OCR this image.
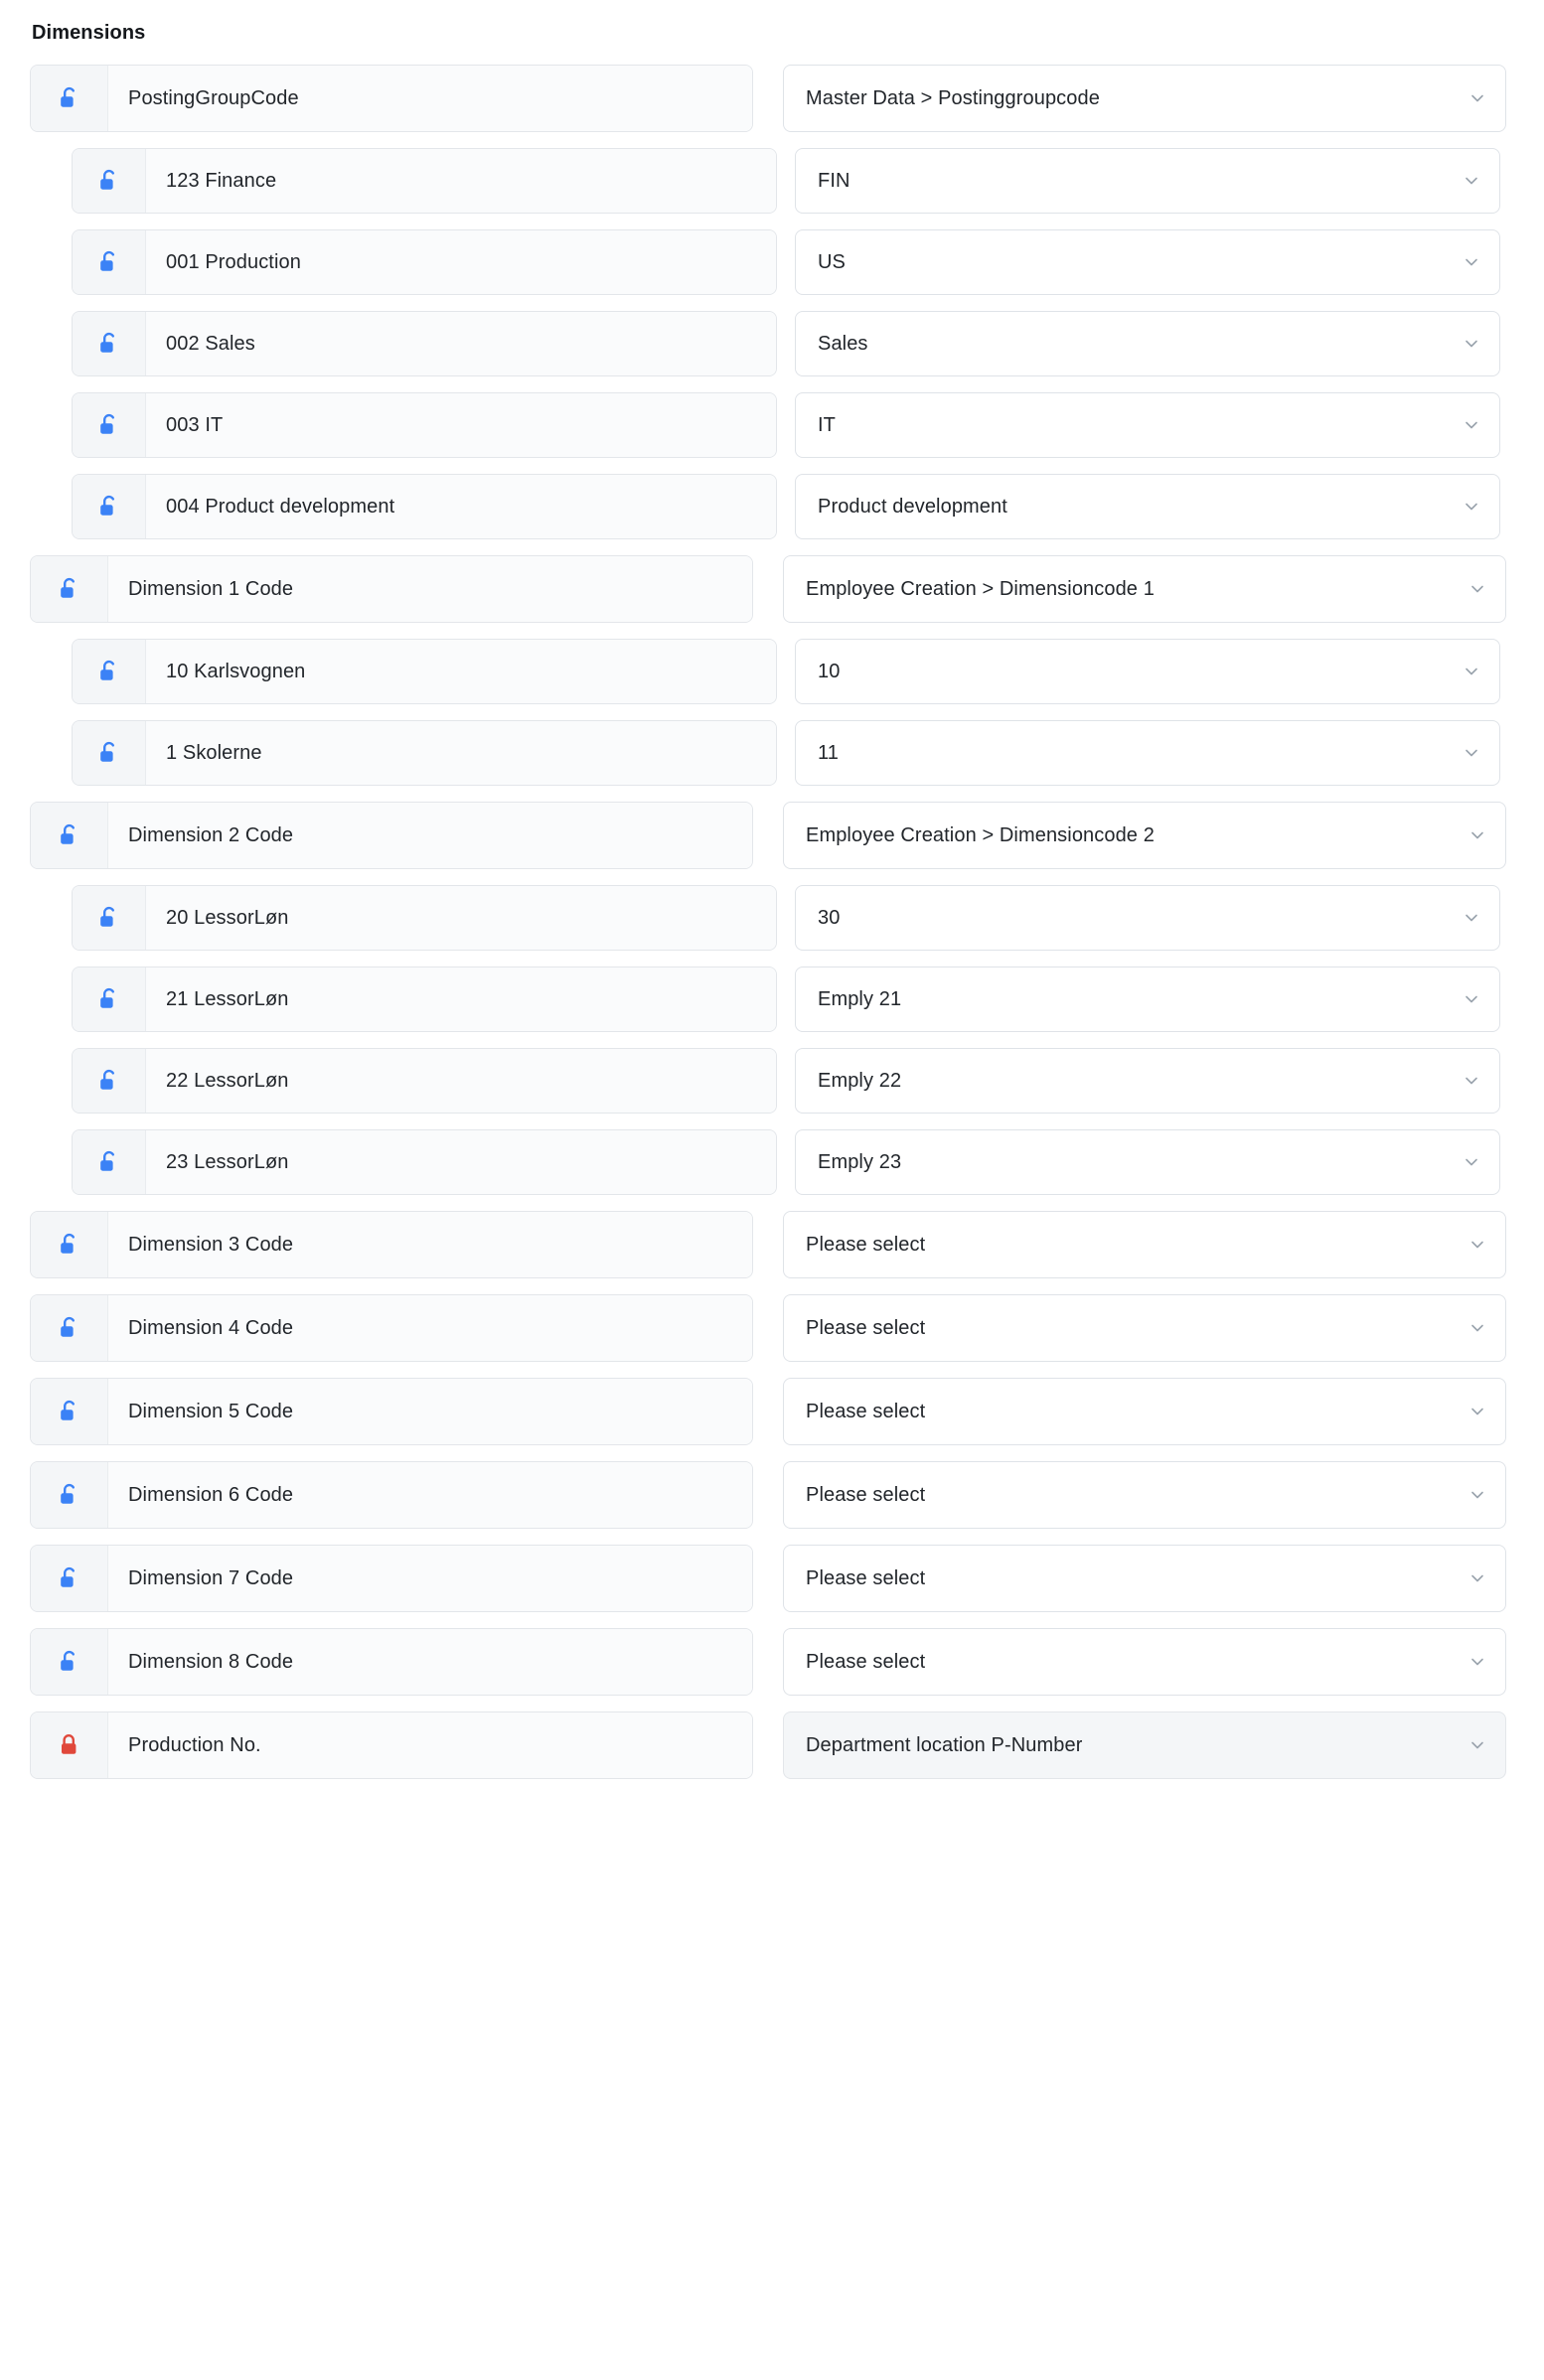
Dimensions
PostingGroupCode	Master Data > Postinggroupcode
123 Finance	FIN
001 Production	US
002 Sales	Sales
003 IT	IT
004 Product development	Product development
Dimension 1 Code	Employee Creation > Dimensioncode 1
10 Karlsvognen	10
1 Skolerne	11
Dimension 2 Code	Employee Creation > Dimensioncode 2
20 LessorLøn	30
21 LessorLøn	Emply 21
22 LessorLøn	Emply 22
23 LessorLøn	Emply 23
Dimension 3 Code	Please select
Dimension 4 Code	Please select
Dimension 5 Code	Please select
Dimension 6 Code	Please select
Dimension 7 Code	Please select
Dimension 8 Code	Please select
Production No.	Department location P-Number
